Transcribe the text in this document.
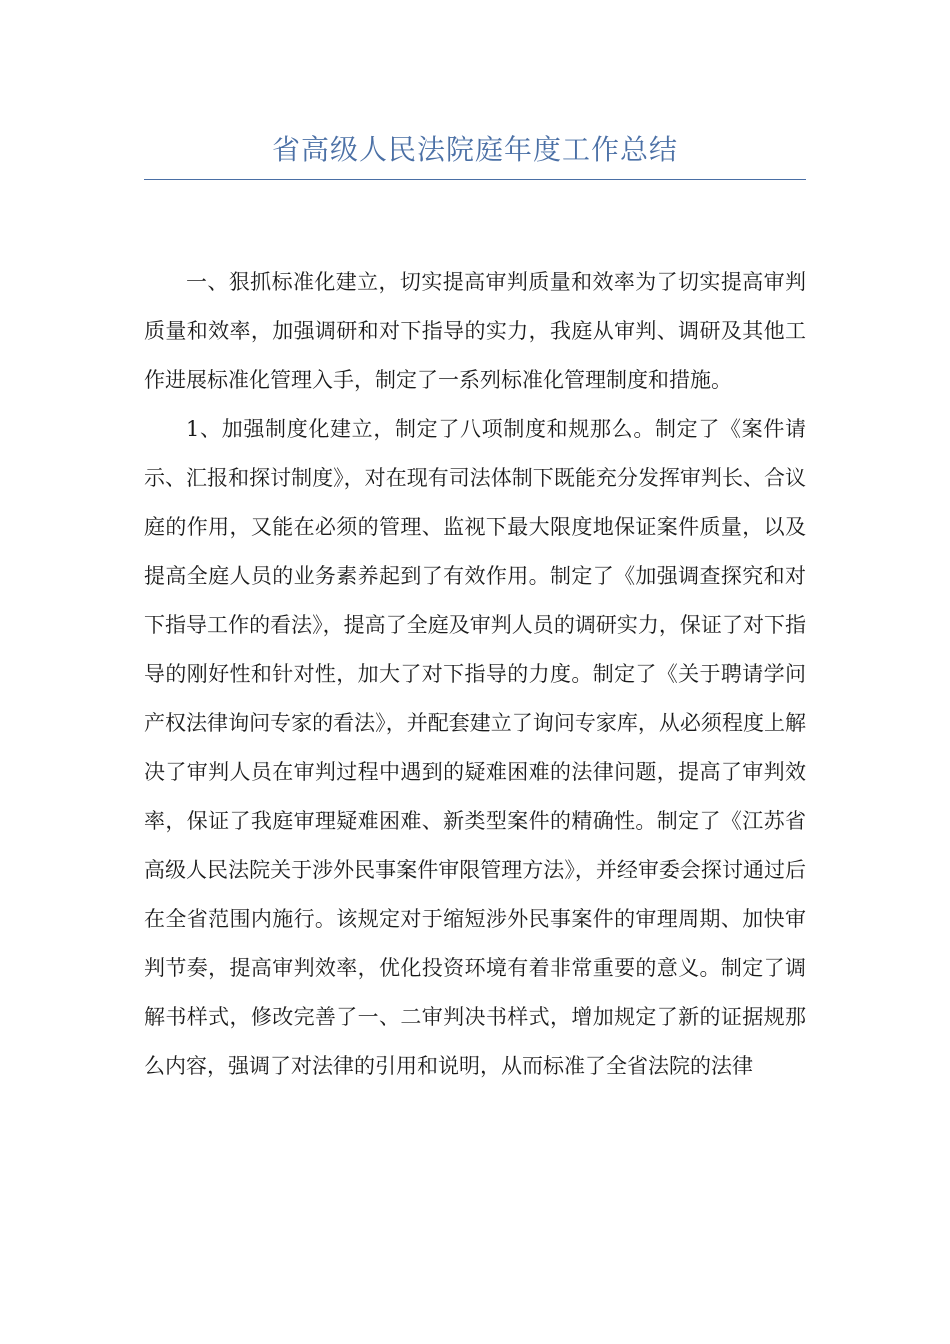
省高级人民法院庭年度工作总结

一、狠抓标准化建立，切实提高审判质量和效率为了切实提高审判质量和效率，加强调研和对下指导的实力，我庭从审判、调研及其他工作进展标准化管理入手，制定了一系列标准化管理制度和措施。

1、加强制度化建立，制定了八项制度和规那么。制定了《案件请示、汇报和探讨制度》，对在现有司法体制下既能充分发挥审判长、合议庭的作用，又能在必须的管理、监视下最大限度地保证案件质量，以及提高全庭人员的业务素养起到了有效作用。制定了《加强调查探究和对下指导工作的看法》，提高了全庭及审判人员的调研实力，保证了对下指导的刚好性和针对性，加大了对下指导的力度。制定了《关于聘请学问产权法律询问专家的看法》，并配套建立了询问专家库，从必须程度上解决了审判人员在审判过程中遇到的疑难困难的法律问题，提高了审判效率，保证了我庭审理疑难困难、新类型案件的精确性。制定了《江苏省高级人民法院关于涉外民事案件审限管理方法》，并经审委会探讨通过后在全省范围内施行。该规定对于缩短涉外民事案件的审理周期、加快审判节奏，提高审判效率，优化投资环境有着非常重要的意义。制定了调解书样式，修改完善了一、二审判决书样式，增加规定了新的证据规那么内容，强调了对法律的引用和说明，从而标准了全省法院的法律
